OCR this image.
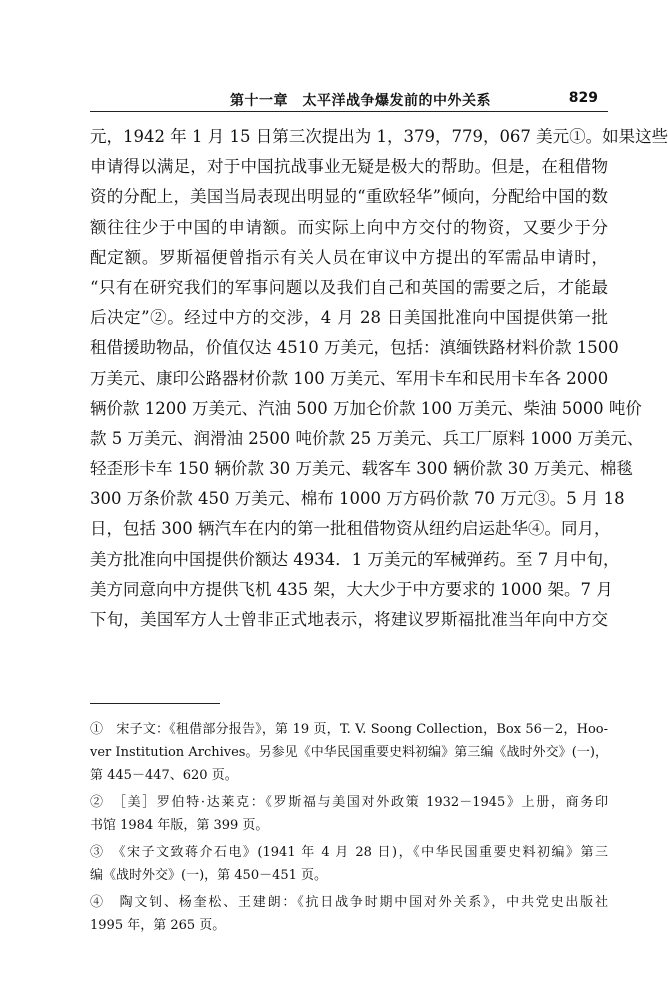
第十一章　太平洋战争爆发前的中外关系	829
元，1942 年 1 月 15 日第三次提出为 1，379，779，067 美元①。如果这些
申请得以满足，对于中国抗战事业无疑是极大的帮助。但是，在租借物
资的分配上，美国当局表现出明显的“重欧轻华”倾向，分配给中国的数
额往往少于中国的申请额。而实际上向中方交付的物资，又要少于分
配定额。罗斯福便曾指示有关人员在审议中方提出的军需品申请时，
“只有在研究我们的军事问题以及我们自己和英国的需要之后，才能最
后决定”②。经过中方的交涉，4 月 28 日美国批准向中国提供第一批
租借援助物品，价值仅达 4510 万美元，包括：滇缅铁路材料价款 1500
万美元、康印公路器材价款 100 万美元、军用卡车和民用卡车各 2000
辆价款 1200 万美元、汽油 500 万加仑价款 100 万美元、柴油 5000 吨价
款 5 万美元、润滑油 2500 吨价款 25 万美元、兵工厂原料 1000 万美元、
轻歪形卡车 150 辆价款 30 万美元、载客车 300 辆价款 30 万美元、棉毯
300 万条价款 450 万美元、棉布 1000 万方码价款 70 万元③。5 月 18
日，包括 300 辆汽车在内的第一批租借物资从纽约启运赴华④。同月，
美方批准向中国提供价额达 4934．1 万美元的军械弹药。至 7 月中旬，
美方同意向中方提供飞机 435 架，大大少于中方要求的 1000 架。7 月
下旬，美国军方人士曾非正式地表示，将建议罗斯福批准当年向中方交
①　宋子文：《租借部分报告》，第 19 页，T. V. Soong Collection，Box 56－2，Hoo-
ver Institution Archives。另参见《中华民国重要史料初编》第三编《战时外交》(一)，
第 445－447、620 页。
②　［美］罗伯特·达莱克：《罗斯福与美国对外政策 1932－1945》上册，商务印
书馆 1984 年版，第 399 页。
③　《宋子文致蒋介石电》(1941 年 4 月 28 日)，《中华民国重要史料初编》第三
编《战时外交》(一)，第 450－451 页。
④　陶文钊、杨奎松、王建朗：《抗日战争时期中国对外关系》，中共党史出版社
1995 年，第 265 页。
